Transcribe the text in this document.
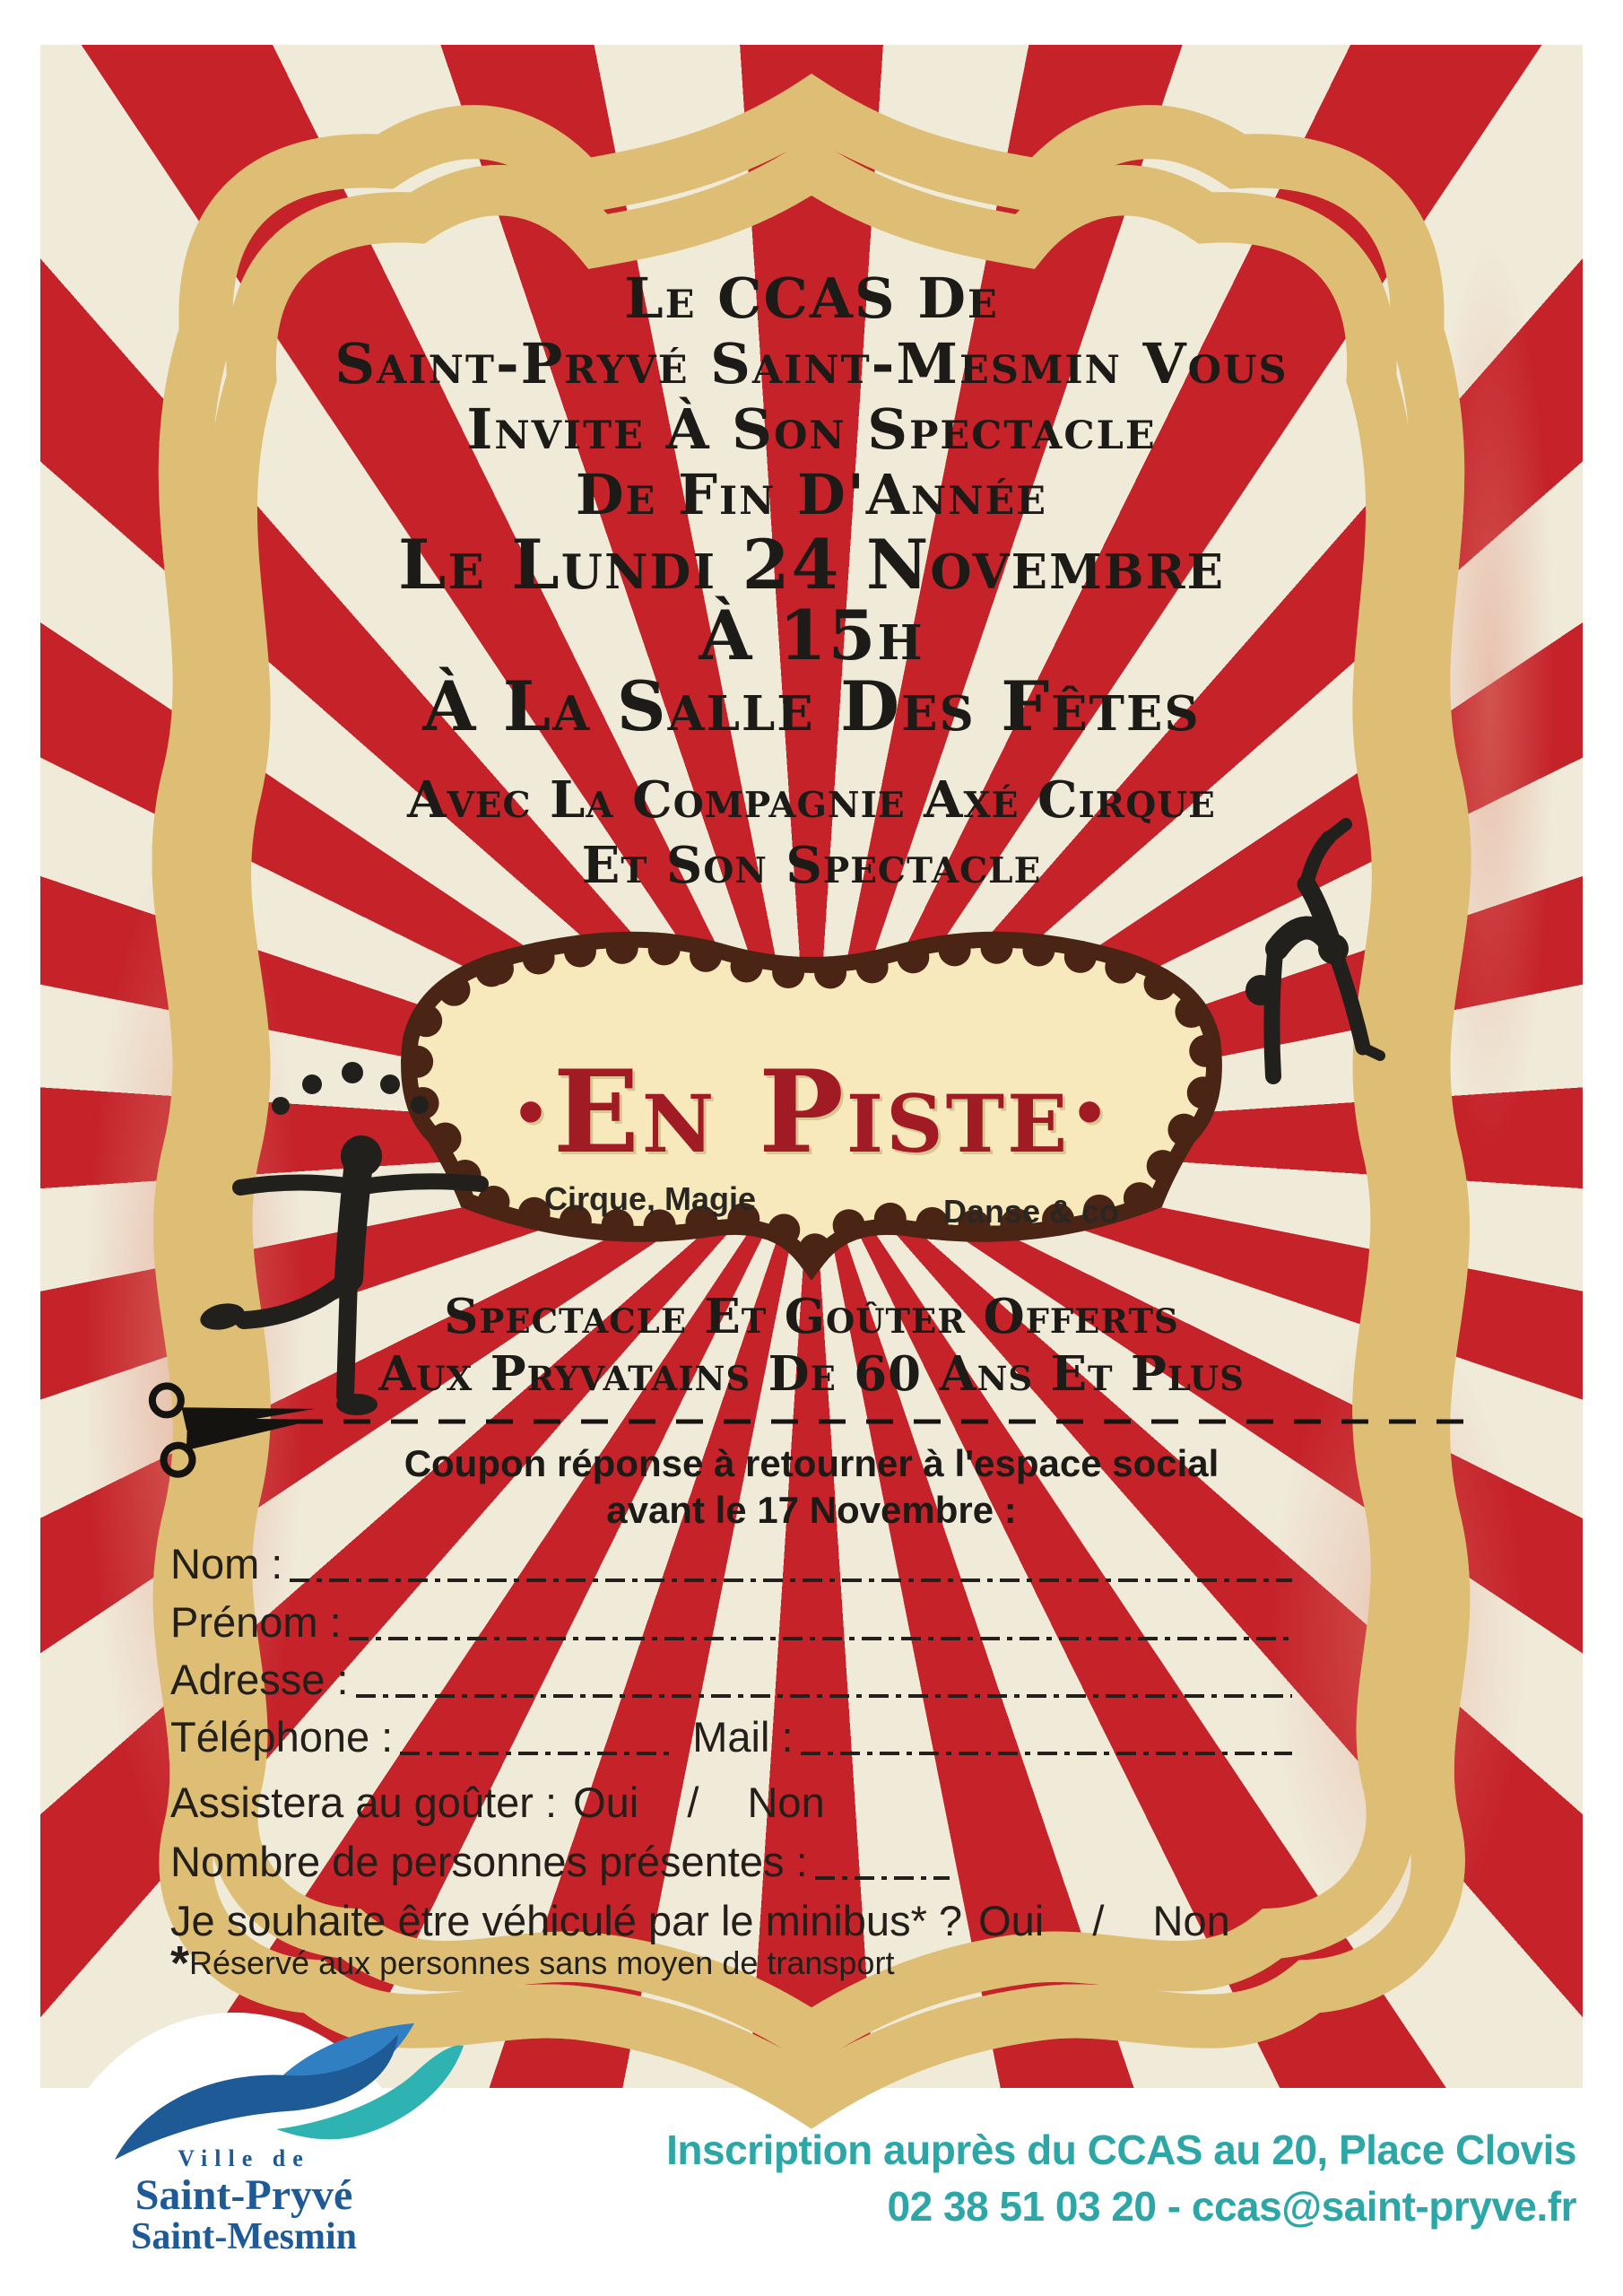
Le CCAS De
Saint-Pryvé Saint-Mesmin Vous
Invite À Son Spectacle
De Fin D'Année
Le Lundi 24 Novembre
À 15h
À La Salle Des Fêtes
Avec La Compagnie Axé Cirque
Et Son Spectacle
·En Piste·
Cirque, Magie	Danse & co
Spectacle Et Goûter Offerts
Aux Pryvatains De 60 Ans Et Plus
Coupon réponse à retourner à l'espace social
avant le 17 Novembre :
Nom :
Prénom :
Adresse :
Téléphone :	Mail :
Assistera au goûter : Oui  /  Non
Nombre de personnes présentes :
Je souhaite être véhiculé par le minibus* ? Oui  /  Non
*Réservé aux personnes sans moyen de transport
Ville de
Saint-Pryvé
Saint-Mesmin
Inscription auprès du CCAS au 20, Place Clovis
02 38 51 03 20 - ccas@saint-pryve.fr
